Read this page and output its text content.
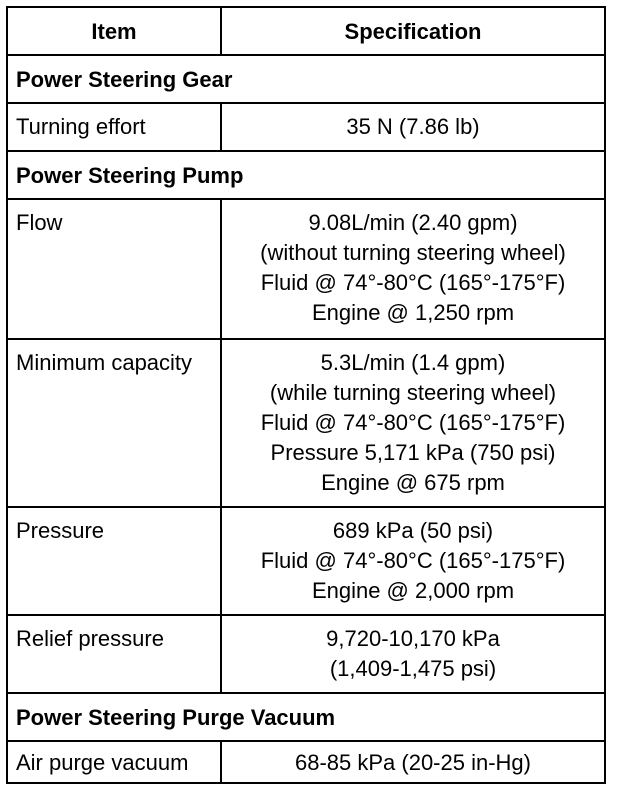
Item	Specification
Power Steering Gear
Turning effort	35 N (7.86 lb)
Power Steering Pump
Flow	9.08L/min (2.40 gpm)
(without turning steering wheel)
Fluid @ 74°-80°C (165°-175°F)
Engine @ 1,250 rpm
Minimum capacity	5.3L/min (1.4 gpm)
(while turning steering wheel)
Fluid @ 74°-80°C (165°-175°F)
Pressure 5,171 kPa (750 psi)
Engine @ 675 rpm
Pressure	689 kPa (50 psi)
Fluid @ 74°-80°C (165°-175°F)
Engine @ 2,000 rpm
Relief pressure	9,720-10,170 kPa
(1,409-1,475 psi)
Power Steering Purge Vacuum
Air purge vacuum	68-85 kPa (20-25 in-Hg)
